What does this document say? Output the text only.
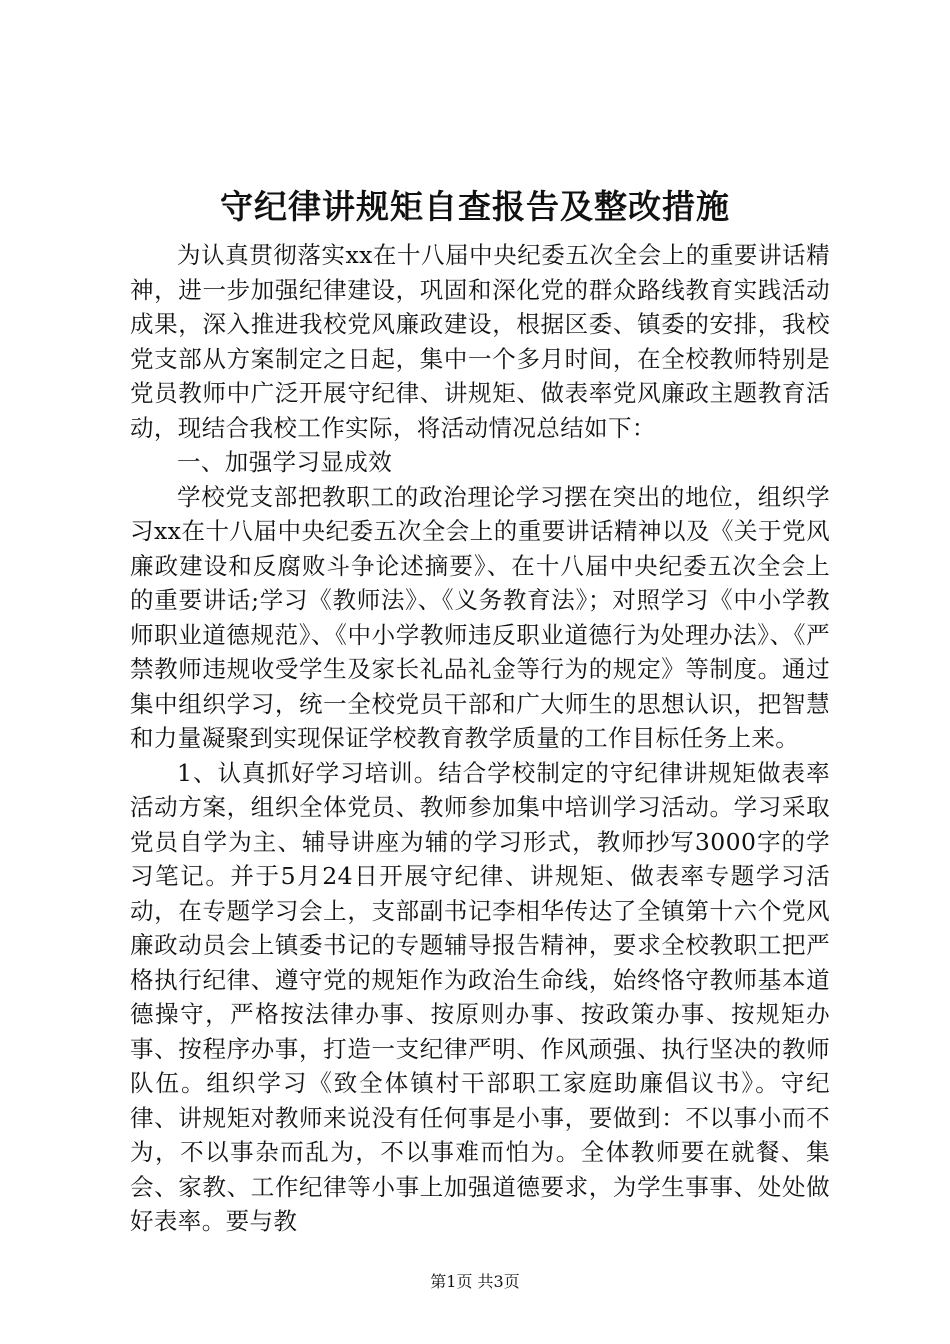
守纪律讲规矩自查报告及整改措施

为认真贯彻落实xx在十八届中央纪委五次全会上的重要讲话精神，进一步加强纪律建设，巩固和深化党的群众路线教育实践活动成果，深入推进我校党风廉政建设，根据区委、镇委的安排，我校党支部从方案制定之日起，集中一个多月时间，在全校教师特别是党员教师中广泛开展守纪律、讲规矩、做表率党风廉政主题教育活动，现结合我校工作实际，将活动情况总结如下：

一、加强学习显成效

学校党支部把教职工的政治理论学习摆在突出的地位，组织学习xx在十八届中央纪委五次全会上的重要讲话精神以及《关于党风廉政建设和反腐败斗争论述摘要》、在十八届中央纪委五次全会上的重要讲话;学习《教师法》、《义务教育法》；对照学习《中小学教师职业道德规范》、《中小学教师违反职业道德行为处理办法》、《严禁教师违规收受学生及家长礼品礼金等行为的规定》等制度。通过集中组织学习，统一全校党员干部和广大师生的思想认识，把智慧和力量凝聚到实现保证学校教育教学质量的工作目标任务上来。

1、认真抓好学习培训。结合学校制定的守纪律讲规矩做表率活动方案，组织全体党员、教师参加集中培训学习活动。学习采取党员自学为主、辅导讲座为辅的学习形式，教师抄写3000字的学习笔记。并于5月24日开展守纪律、讲规矩、做表率专题学习活动，在专题学习会上，支部副书记李相华传达了全镇第十六个党风廉政动员会上镇委书记的专题辅导报告精神，要求全校教职工把严格执行纪律、遵守党的规矩作为政治生命线，始终恪守教师基本道德操守，严格按法律办事、按原则办事、按政策办事、按规矩办事、按程序办事，打造一支纪律严明、作风顽强、执行坚决的教师队伍。组织学习《致全体镇村干部职工家庭助廉倡议书》。守纪律、讲规矩对教师来说没有任何事是小事，要做到：不以事小而不为，不以事杂而乱为，不以事难而怕为。全体教师要在就餐、集会、家教、工作纪律等小事上加强道德要求，为学生事事、处处做好表率。要与教

第1页 共3页
